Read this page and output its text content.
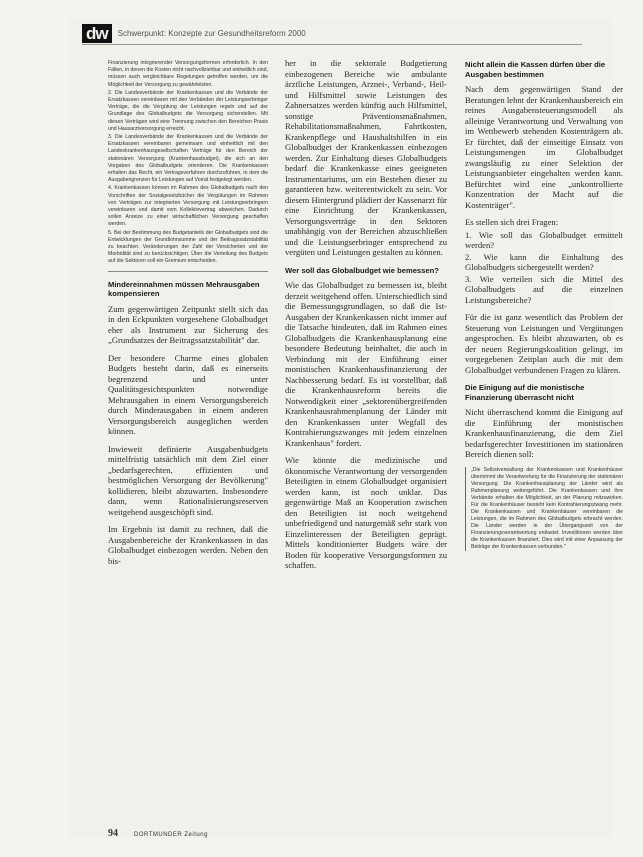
dw	Schwerpunkt: Konzepte zur Gesundheitsreform 2000

Finanzierung integrierender Versorgungsformen erforderlich. In den Fällen, in denen die Kosten nicht nachvollziehbar und einheitlich sind, müssen auch vergleichbare Regelungen getroffen werden, um die Möglichkeit der Versorgung zu gewährleisten.

2. Die Landesverbände der Krankenkassen und die Verbände der Ersatzkassen vereinbaren mit den Verbänden der Leistungserbringer Verträge, die die Vergütung der Leistungen regeln und auf der Grundlage des Globalbudgets die Versorgung sicherstellen. Mit diesen Verträgen wird eine Trennung zwischen den Bereichen Praxis und Hausarztversorgung erreicht.

3. Die Landesverbände der Krankenkassen und die Verbände der Ersatzkassen vereinbaren gemeinsam und einheitlich mit den Landeskrankenhausgesellschaften Verträge für den Bereich der stationären Versorgung (Krankenhausbudget), die sich an den Vorgaben des Globalbudgets orientieren. Die Krankenkassen erhalten das Recht, ein Vertragsverfahren durchzuführen, in dem die Ausgabengrenzen für Leistungen auf Vorrat festgelegt werden.

4. Krankenkassen können im Rahmen des Globalbudgets nach den Vorschriften der Sozialgesetzbücher die Vergütungen im Rahmen von Verträgen zur integrierten Versorgung mit Leistungserbringern vereinbaren und damit vom Kollektivvertrag abweichen. Dadurch sollen Anreize zu einer wirtschaftlichen Versorgung geschaffen werden.

5. Bei der Bestimmung des Budgetanteils der Globalbudgets sind die Entwicklungen der Grundlohnsumme und der Beitragssatzstabilität zu beachten. Veränderungen der Zahl der Versicherten und der Morbidität sind zu berücksichtigen. Über die Verteilung des Budgets auf die Sektoren soll ein Gremium entscheiden.

Mindereinnahmen müssen Mehrausgaben kompensieren

Zum gegenwärtigen Zeitpunkt stellt sich das in den Eckpunkten vorgesehene Globalbudget eher als Instrument zur Sicherung des „Grundsatzes der Beitragssatzstabilität" dar.

Der besondere Charme eines globalen Budgets besteht darin, daß es einerseits begrenzend und unter Qualitätsgesichtspunkten notwendige Mehrausgaben in einem Versorgungsbereich durch Minderausgaben in einem anderen Versorgungsbereich ausgeglichen werden können.

Inwieweit definierte Ausgabenbudgets mittelfristig tatsächlich mit dem Ziel einer „bedarfsgerechten, effizienten und bestmöglichen Versorgung der Bevölkerung" kollidieren, bleibt abzuwarten. Insbesondere dann, wenn Rationalisierungsreserven weitgehend ausgeschöpft sind.

Im Ergebnis ist damit zu rechnen, daß die Ausgabenbereiche der Krankenkassen in das Globalbudget einbezogen werden. Neben den bis-

her in die sektorale Budgetierung einbezogenen Bereiche wie ambulante ärztliche Leistungen, Arznei-, Verband-, Heil- und Hilfsmittel sowie Leistungen des Zahnersatzes werden künftig auch Hilfsmittel, sonstige Präventionsmaßnahmen, Rehabilitationsmaßnahmen, Fahrtkosten, Krankenpflege und Haushaltshilfen in ein Globalbudget der Krankenkassen einbezogen werden. Zur Einhaltung dieses Globalbudgets bedarf die Krankenkasse eines geeigneten Instrumentariums, um ein Bestehen dieser zu garantieren bzw. weiterentwickelt zu sein. Vor diesem Hintergrund plädiert der Kassenarzt für eine Einrichtung der Krankenkassen, Versorgungsverträge in den Sektoren unabhängig von der Bereichen abzuschließen und die Leistungserbringer entsprechend zu vergüten und Leistungen gestalten zu können.

Wer soll das Globalbudget wie bemessen?

Wie das Globalbudget zu bemessen ist, bleibt derzeit weitgehend offen. Unterschiedlich sind die Bemessungsgrundlagen, so daß die Ist-Ausgaben der Krankenkassen nicht immer auf die Tatsache hindeuten, daß im Rahmen eines Globalbudgets die Krankenhausplanung eine besondere Bedeutung beinhaltet, die auch in Verbindung mit der Einführung einer monistischen Krankenhausfinanzierung der Nachbesserung bedarf. Es ist vorstellbar, daß die Krankenhausreform bereits die Notwendigkeit einer „sektorenübergreifenden Krankenhausrahmenplanung der Länder mit den Krankenkassen unter Wegfall des Kontrahierungszwanges mit jedem einzelnen Krankenhaus" fordert.

Wie könnte die medizinische und ökonomische Verantwortung der versorgenden Beteiligten in einem Globalbudget organisiert werden kann, ist noch unklar. Das gegenwärtige Maß an Kooperation zwischen den Beteiligten ist noch weitgehend unbefriedigend und naturgemäß sehr stark von Einzelinteressen der Beteiligten geprägt. Mittels konditionierter Budgets wäre der Boden für kooperative Versorgungsformen zu schaffen.

Nicht allein die Kassen dürfen über die Ausgaben bestimmen

Nach dem gegenwärtigen Stand der Beratungen lehnt der Krankenhausbereich ein reines Ausgabensteuerungsmodell als alleinige Verantwortung und Verwaltung von im Wettbewerb stehenden Kostenträgern ab. Er fürchtet, daß der einseitige Einsatz von Leistungsmengen im Globalbudget zwangsläufig zu einer Selektion der Leistungsanbieter eingehalten werden kann. Befürchtet wird eine „unkontrollierte Konzentration der Macht auf die Kostenträger".

Es stellen sich drei Fragen:

1. Wie soll das Globalbudget ermittelt werden?

2. Wie kann die Einhaltung des Globalbudgets sichergestellt werden?

3. Wie verteilen sich die Mittel des Globalbudgets auf die einzelnen Leistungsbereiche?

Für die ist ganz wesentlich das Problem der Steuerung von Leistungen und Vergütungen angesprochen. Es bleibt abzuwarten, ob es der neuen Regierungskoalition gelingt, im vorgegebenen Zeitplan auch die mit dem Globalbudget verbundenen Fragen zu klären.

Die Einigung auf die monistische Finanzierung überrascht nicht

Nicht überraschend kommt die Einigung auf die Einführung der monistischen Krankenhausfinanzierung, die dem Ziel bedarfsgerechter Investitionen im stationären Bereich dienen soll:

„Die Selbstverwaltung der Krankenkassen und Krankenhäuser übernimmt die Verantwortung für die Finanzierung der stationären Versorgung. Die Krankenhausplanung der Länder wird als Rahmenplanung weitergeführt. Die Krankenkassen und ihre Verbände erhalten die Möglichkeit, an der Planung mitzuwirken. Für die Krankenhäuser besteht kein Kontrahierungszwang mehr. Die Krankenkassen und Krankenhäuser vereinbaren die Leistungen, die im Rahmen des Globalbudgets erbracht werden. Die Länder werden in der Übergangszeit von der Finanzierungsverantwortung entlastet. Investitionen werden über die Krankenkassen finanziert. Dies wird mit einer Anpassung der Beiträge der Krankenkassen verbunden."
94	DORTMUNDER Zeitung
